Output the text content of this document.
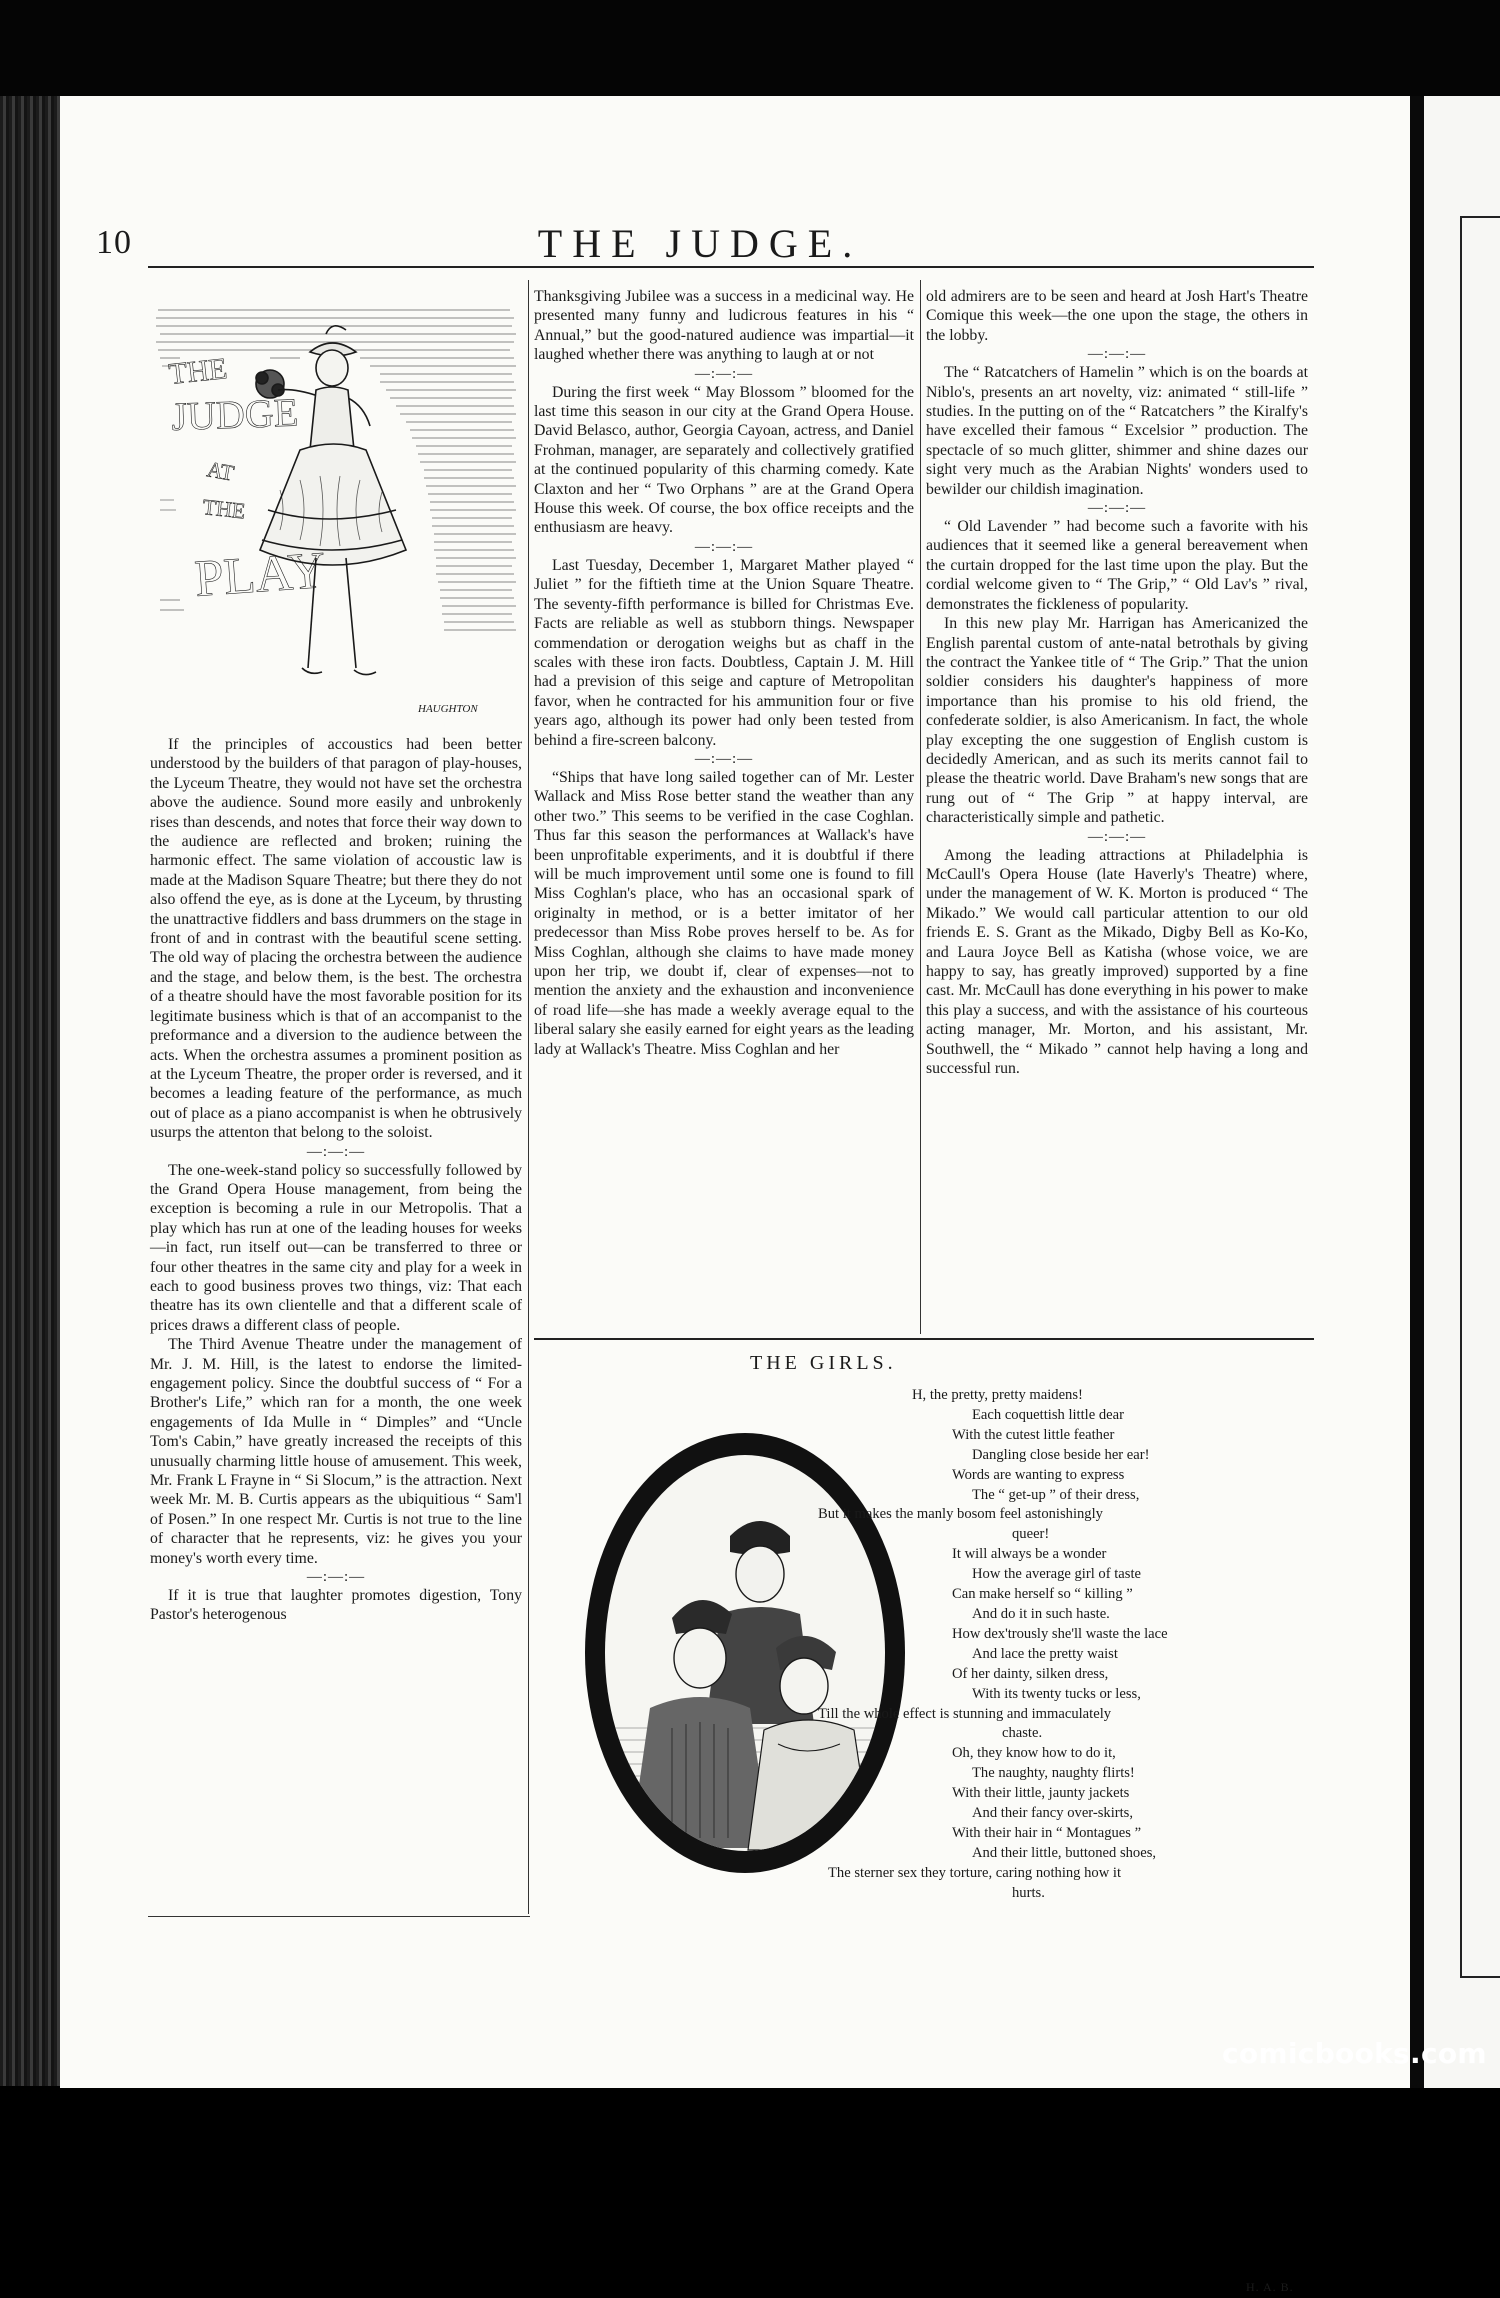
10	THE JUDGE.
THE
JUDGE
AT
THE
PLAY
HAUGHTON

If the principles of accoustics had been better understood by the builders of that paragon of play-houses, the Lyceum Theatre, they would not have set the orchestra above the audience. Sound more easily and unbrokenly rises than descends, and notes that force their way down to the audience are reflected and broken; ruining the harmonic effect. The same violation of accoustic law is made at the Madison Square Theatre; but there they do not also offend the eye, as is done at the Lyceum, by thrusting the unattractive fiddlers and bass drummers on the stage in front of and in contrast with the beautiful scene setting. The old way of placing the orchestra between the audience and the stage, and below them, is the best. The orchestra of a theatre should have the most favorable position for its legitimate business which is that of an accompanist to the preformance and a diversion to the audience between the acts. When the orchestra assumes a prominent position as at the Lyceum Theatre, the proper order is reversed, and it becomes a leading feature of the performance, as much out of place as a piano accompanist is when he obtrusively usurps the attenton that belong to the soloist.

—:—:—

The one-week-stand policy so successfully followed by the Grand Opera House management, from being the exception is becoming a rule in our Metropolis. That a play which has run at one of the leading houses for weeks—in fact, run itself out—can be transferred to three or four other theatres in the same city and play for a week in each to good business proves two things, viz: That each theatre has its own clientelle and that a different scale of prices draws a different class of people.

The Third Avenue Theatre under the management of Mr. J. M. Hill, is the latest to endorse the limited-engagement policy. Since the doubtful success of “ For a Brother's Life,” which ran for a month, the one week engagements of Ida Mulle in “ Dimples” and “Uncle Tom's Cabin,” have greatly increased the receipts of this unusually charming little house of amusement. This week, Mr. Frank L Frayne in “ Si Slocum,” is the attraction. Next week Mr. M. B. Curtis appears as the ubiquitious “ Sam'l of Posen.” In one respect Mr. Curtis is not true to the line of character that he represents, viz: he gives you your money's worth every time.

—:—:—

If it is true that laughter promotes digestion, Tony Pastor's heterogenous

Thanksgiving Jubilee was a success in a medicinal way. He presented many funny and ludicrous features in his “ Annual,” but the good-natured audience was impartial—it laughed whether there was anything to laugh at or not

—:—:—

During the first week “ May Blossom ” bloomed for the last time this season in our city at the Grand Opera House. David Belasco, author, Georgia Cayoan, actress, and Daniel Frohman, manager, are separately and collectively gratified at the continued popularity of this charming comedy. Kate Claxton and her “ Two Orphans ” are at the Grand Opera House this week. Of course, the box office receipts and the enthusiasm are heavy.

—:—:—

Last Tuesday, December 1, Margaret Mather played “ Juliet ” for the fiftieth time at the Union Square Theatre. The seventy-fifth performance is billed for Christmas Eve. Facts are reliable as well as stubborn things. Newspaper commendation or derogation weighs but as chaff in the scales with these iron facts. Doubtless, Captain J. M. Hill had a prevision of this seige and capture of Metropolitan favor, when he contracted for his ammunition four or five years ago, although its power had only been tested from behind a fire-screen balcony.

—:—:—

“Ships that have long sailed together can of Mr. Lester Wallack and Miss Rose better stand the weather than any other two.” This seems to be verified in the case Coghlan. Thus far this season the performances at Wallack's have been unprofitable experiments, and it is doubtful if there will be much improvement until some one is found to fill Miss Coghlan's place, who has an occasional spark of originalty in method, or is a better imitator of her predecessor than Miss Robe proves herself to be. As for Miss Coghlan, although she claims to have made money upon her trip, we doubt if, clear of expenses—not to mention the anxiety and the exhaustion and inconvenience of road life—she has made a weekly average equal to the liberal salary she easily earned for eight years as the leading lady at Wallack's Theatre. Miss Coghlan and her

old admirers are to be seen and heard at Josh Hart's Theatre Comique this week—the one upon the stage, the others in the lobby.

—:—:—

The “ Ratcatchers of Hamelin ” which is on the boards at Niblo's, presents an art novelty, viz: animated “ still-life ” studies. In the putting on of the “ Ratcatchers ” the Kiralfy's have excelled their famous “ Excelsior ” production. The spectacle of so much glitter, shimmer and shine dazes our sight very much as the Arabian Nights' wonders used to bewilder our childish imagination.

—:—:—

“ Old Lavender ” had become such a favorite with his audiences that it seemed like a general bereavement when the curtain dropped for the last time upon the play. But the cordial welcome given to “ The Grip,” “ Old Lav's ” rival, demonstrates the fickleness of popularity.

In this new play Mr. Harrigan has Americanized the English parental custom of ante-natal betrothals by giving the contract the Yankee title of “ The Grip.” That the union soldier considers his daughter's happiness of more importance than his promise to his old friend, the confederate soldier, is also Americanism. In fact, the whole play excepting the one suggestion of English custom is decidedly American, and as such its merits cannot fail to please the theatric world. Dave Braham's new songs that are rung out of “ The Grip ” at happy interval, are characteristically simple and pathetic.

—:—:—

Among the leading attractions at Philadelphia is McCaull's Opera House (late Haverly's Theatre) where, under the management of W. K. Morton is produced “ The Mikado.” We would call particular attention to our old friends E. S. Grant as the Mikado, Digby Bell as Ko-Ko, and Laura Joyce Bell as Katisha (whose voice, we are happy to say, has greatly improved) supported by a fine cast. Mr. McCaull has done everything in his power to make this play a success, and with the assistance of his courteous acting manager, Mr. Morton, and his assistant, Mr. Southwell, the “ Mikado ” cannot help having a long and successful run.

THE GIRLS.
H, the pretty, pretty maidens!
Each coquettish little dear
With the cutest little feather
Dangling close beside her ear!
Words are wanting to express
The “ get-up ” of their dress,
But it makes the manly bosom feel astonishingly
queer!
It will always be a wonder
How the average girl of taste
Can make herself so “ killing ”
And do it in such haste.
How dex'trously she'll waste the lace
And lace the pretty waist
Of her dainty, silken dress,
With its twenty tucks or less,
Till the whole effect is stunning and immaculately
chaste.
Oh, they know how to do it,
The naughty, naughty flirts!
With their little, jaunty jackets
And their fancy over-skirts,
With their hair in “ Montagues ”
And their little, buttoned shoes,
The sterner sex they torture, caring nothing how it
hurts.
H. A. B.
comicbooks.com
